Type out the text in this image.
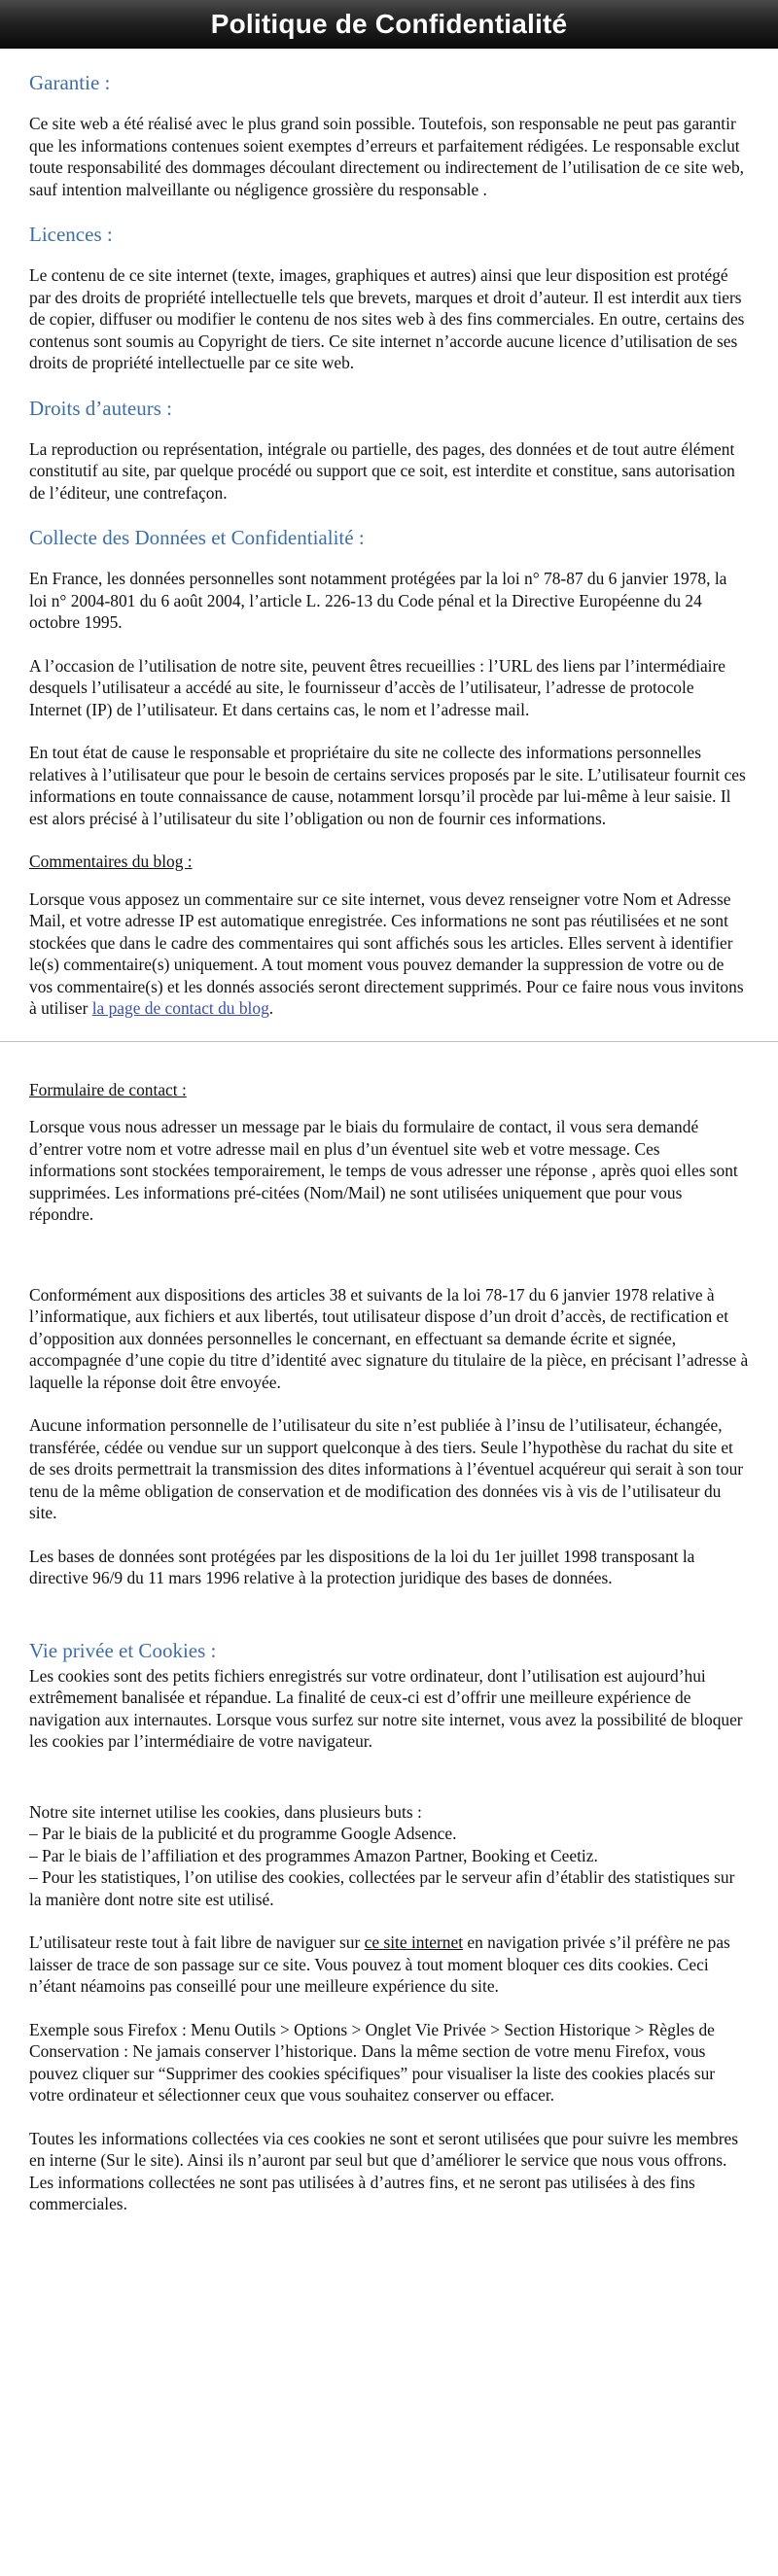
Politique de Confidentialité
Garantie :

Ce site web a été réalisé avec le plus grand soin possible. Toutefois, son responsable ne peut pas garantir que les informations contenues soient exemptes d’erreurs et parfaitement rédigées. Le responsable exclut toute responsabilité des dommages découlant directement ou indirectement de l’utilisation de ce site web, sauf intention malveillante ou négligence grossière du responsable .

Licences :

Le contenu de ce site internet (texte, images, graphiques et autres) ainsi que leur disposition est protégé par des droits de propriété intellectuelle tels que brevets, marques et droit d’auteur. Il est interdit aux tiers de copier, diffuser ou modifier le contenu de nos sites web à des fins commerciales. En outre, certains des contenus sont soumis au Copyright de tiers. Ce site internet n’accorde aucune licence d’utilisation de ses droits de propriété intellectuelle par ce site web.

Droits d’auteurs :

La reproduction ou représentation, intégrale ou partielle, des pages, des données et de tout autre élément constitutif au site, par quelque procédé ou support que ce soit, est interdite et constitue, sans autorisation de l’éditeur, une contrefaçon.

Collecte des Données et Confidentialité :

En France, les données personnelles sont notamment protégées par la loi n° 78-87 du 6 janvier 1978, la loi n° 2004-801 du 6 août 2004, l’article L. 226-13 du Code pénal et la Directive Européenne du 24 octobre 1995.

A l’occasion de l’utilisation de notre site, peuvent êtres recueillies : l’URL des liens par l’intermédiaire desquels l’utilisateur a accédé au site, le fournisseur d’accès de l’utilisateur, l’adresse de protocole Internet (IP) de l’utilisateur. Et dans certains cas, le nom et l’adresse mail.

En tout état de cause le responsable et propriétaire du site ne collecte des informations personnelles relatives à l’utilisateur que pour le besoin de certains services proposés par le site. L’utilisateur fournit ces informations en toute connaissance de cause, notamment lorsqu’il procède par lui-même à leur saisie. Il est alors précisé à l’utilisateur du site l’obligation ou non de fournir ces informations.

Commentaires du blog :

Lorsque vous apposez un commentaire sur ce site internet, vous devez renseigner votre Nom et Adresse Mail, et votre adresse IP est automatique enregistrée. Ces informations ne sont pas réutilisées et ne sont stockées que dans le cadre des commentaires qui sont affichés sous les articles. Elles servent à identifier le(s) commentaire(s) uniquement. A tout moment vous pouvez demander la suppression de votre ou de vos commentaire(s) et les donnés associés seront directement supprimés. Pour ce faire nous vous invitons à utiliser la page de contact du blog.

Formulaire de contact :

Lorsque vous nous adresser un message par le biais du formulaire de contact, il vous sera demandé d’entrer votre nom et votre adresse mail en plus d’un éventuel site web et votre message. Ces informations sont stockées temporairement, le temps de vous adresser une réponse , après quoi elles sont supprimées. Les informations pré-citées (Nom/Mail) ne sont utilisées uniquement que pour vous répondre.

Conformément aux dispositions des articles 38 et suivants de la loi 78-17 du 6 janvier 1978 relative à l’informatique, aux fichiers et aux libertés, tout utilisateur dispose d’un droit d’accès, de rectification et d’opposition aux données personnelles le concernant, en effectuant sa demande écrite et signée, accompagnée d’une copie du titre d’identité avec signature du titulaire de la pièce, en précisant l’adresse à laquelle la réponse doit être envoyée.

Aucune information personnelle de l’utilisateur du site n’est publiée à l’insu de l’utilisateur, échangée, transférée, cédée ou vendue sur un support quelconque à des tiers. Seule l’hypothèse du rachat du site et de ses droits permettrait la transmission des dites informations à l’éventuel acquéreur qui serait à son tour tenu de la même obligation de conservation et de modification des données vis à vis de l’utilisateur du site.

Les bases de données sont protégées par les dispositions de la loi du 1er juillet 1998 transposant la directive 96/9 du 11 mars 1996 relative à la protection juridique des bases de données.

Vie privée et Cookies :

Les cookies sont des petits fichiers enregistrés sur votre ordinateur, dont l’utilisation est aujourd’hui extrêmement banalisée et répandue. La finalité de ceux-ci est d’offrir une meilleure expérience de navigation aux internautes. Lorsque vous surfez sur notre site internet, vous avez la possibilité de bloquer les cookies par l’intermédiaire de votre navigateur.

Notre site internet utilise les cookies, dans plusieurs buts :
– Par le biais de la publicité et du programme Google Adsence.
– Par le biais de l’affiliation et des programmes Amazon Partner, Booking et Ceetiz.
– Pour les statistiques, l’on utilise des cookies, collectées par le serveur afin d’établir des statistiques sur la manière dont notre site est utilisé.

L’utilisateur reste tout à fait libre de naviguer sur ce site internet en navigation privée s’il préfère ne pas laisser de trace de son passage sur ce site. Vous pouvez à tout moment bloquer ces dits cookies. Ceci n’étant néamoins pas conseillé pour une meilleure expérience du site.

Exemple sous Firefox : Menu Outils > Options > Onglet Vie Privée > Section Historique > Règles de Conservation : Ne jamais conserver l’historique. Dans la même section de votre menu Firefox, vous pouvez cliquer sur “Supprimer des cookies spécifiques” pour visualiser la liste des cookies placés sur votre ordinateur et sélectionner ceux que vous souhaitez conserver ou effacer.

Toutes les informations collectées via ces cookies ne sont et seront utilisées que pour suivre les membres en interne (Sur le site). Ainsi ils n’auront par seul but que d’améliorer le service que nous vous offrons. Les informations collectées ne sont pas utilisées à d’autres fins, et ne seront pas utilisées à des fins commerciales.
